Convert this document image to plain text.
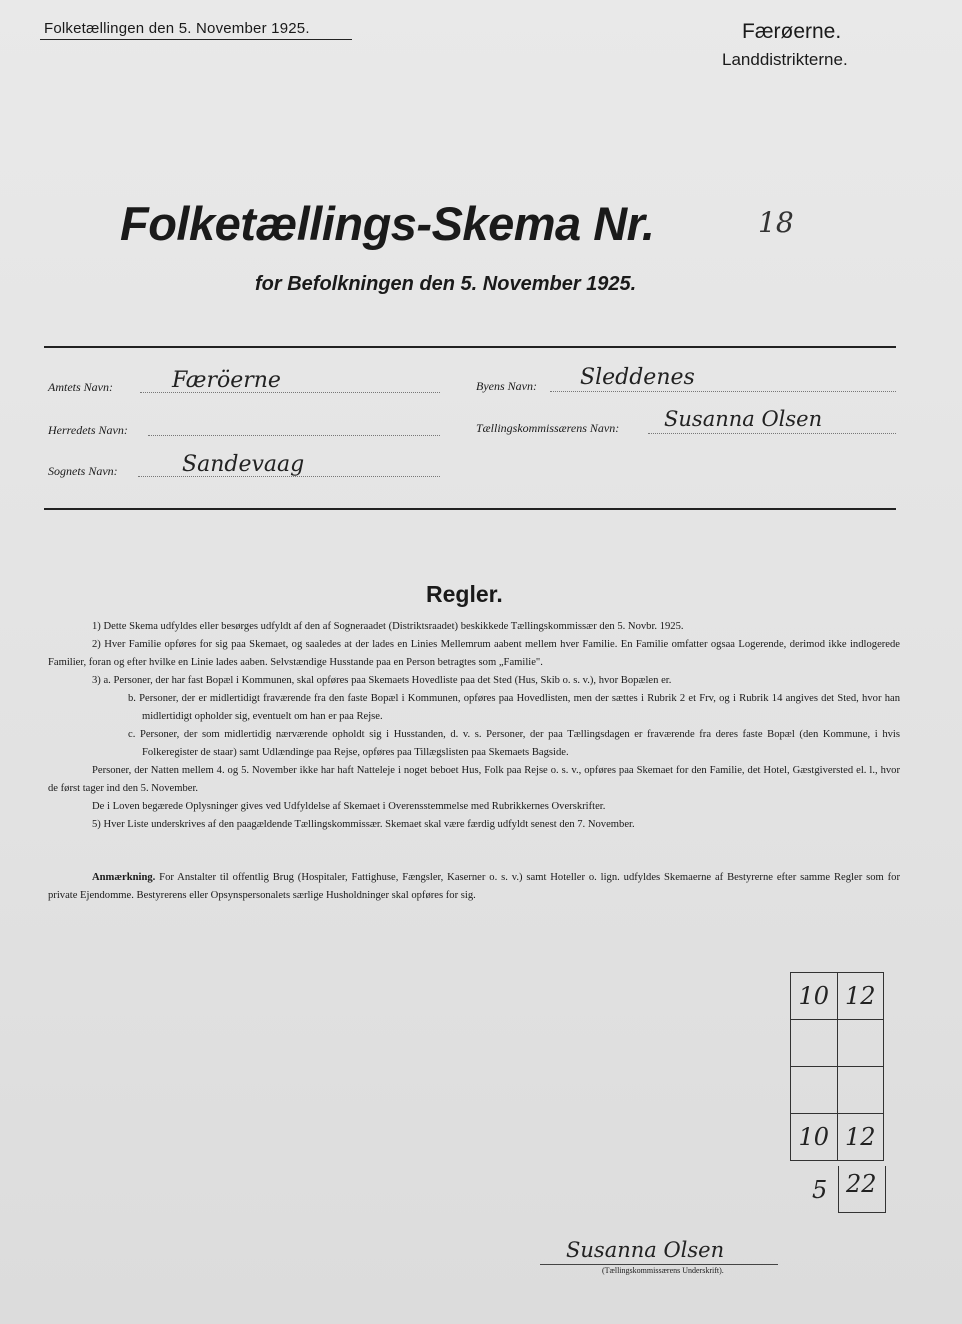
Folketællingen den 5. November 1925.	Færøerne.
Landdistrikterne.
Folketællings-Skema Nr.	18
for Befolkningen den 5. November 1925.
Amtets Navn:	Færöerne
Herredets Navn:
Sognets Navn:	Sandevaag
Byens Navn: Sleddenes
Tællingskommissærens Navn: Susanna Olsen
Regler.

1) Dette Skema udfyldes eller besørges udfyldt af den af Sogneraadet (Distriktsraadet) beskikkede Tællingskommissær den 5. Novbr. 1925.

2) Hver Familie opføres for sig paa Skemaet, og saaledes at der lades en Linies Mellemrum aabent mellem hver Familie. En Familie omfatter ogsaa Logerende, derimod ikke indlogerede Familier, foran og efter hvilke en Linie lades aaben. Selvstændige Husstande paa en Person betragtes som „Familie".

3) a. Personer, der har fast Bopæl i Kommunen, skal opføres paa Skemaets Hovedliste paa det Sted (Hus, Skib o. s. v.), hvor Bopælen er.

b. Personer, der er midlertidigt fraværende fra den faste Bopæl i Kommunen, opføres paa Hovedlisten, men der sættes i Rubrik 2 et Frv, og i Rubrik 14 angives det Sted, hvor han midlertidigt opholder sig, eventuelt om han er paa Rejse.

c. Personer, der som midlertidig nærværende opholdt sig i Husstanden, d. v. s. Personer, der paa Tællingsdagen er fraværende fra deres faste Bopæl (den Kommune, i hvis Folkeregister de staar) samt Udlændinge paa Rejse, opføres paa Tillægslisten paa Skemaets Bagside.

Personer, der Natten mellem 4. og 5. November ikke har haft Natteleje i noget beboet Hus, Folk paa Rejse o. s. v., opføres paa Skemaet for den Familie, det Hotel, Gæstgiversted el. l., hvor de først tager ind den 5. November.

De i Loven begærede Oplysninger gives ved Udfyldelse af Skemaet i Overensstemmelse med Rubrikkernes Overskrifter.

5) Hver Liste underskrives af den paagældende Tællingskommissær. Skemaet skal være færdig udfyldt senest den 7. November.

Anmærkning. For Anstalter til offentlig Brug (Hospitaler, Fattighuse, Fængsler, Kaserner o. s. v.) samt Hoteller o. lign. udfyldes Skemaerne af Bestyrerne efter samme Regler som for private Ejendomme. Bestyrerens eller Opsynspersonalets særlige Husholdninger skal opføres for sig.
10	12

10	12
5 22
Susanna Olsen
(Tællingskommissærens Underskrift).
